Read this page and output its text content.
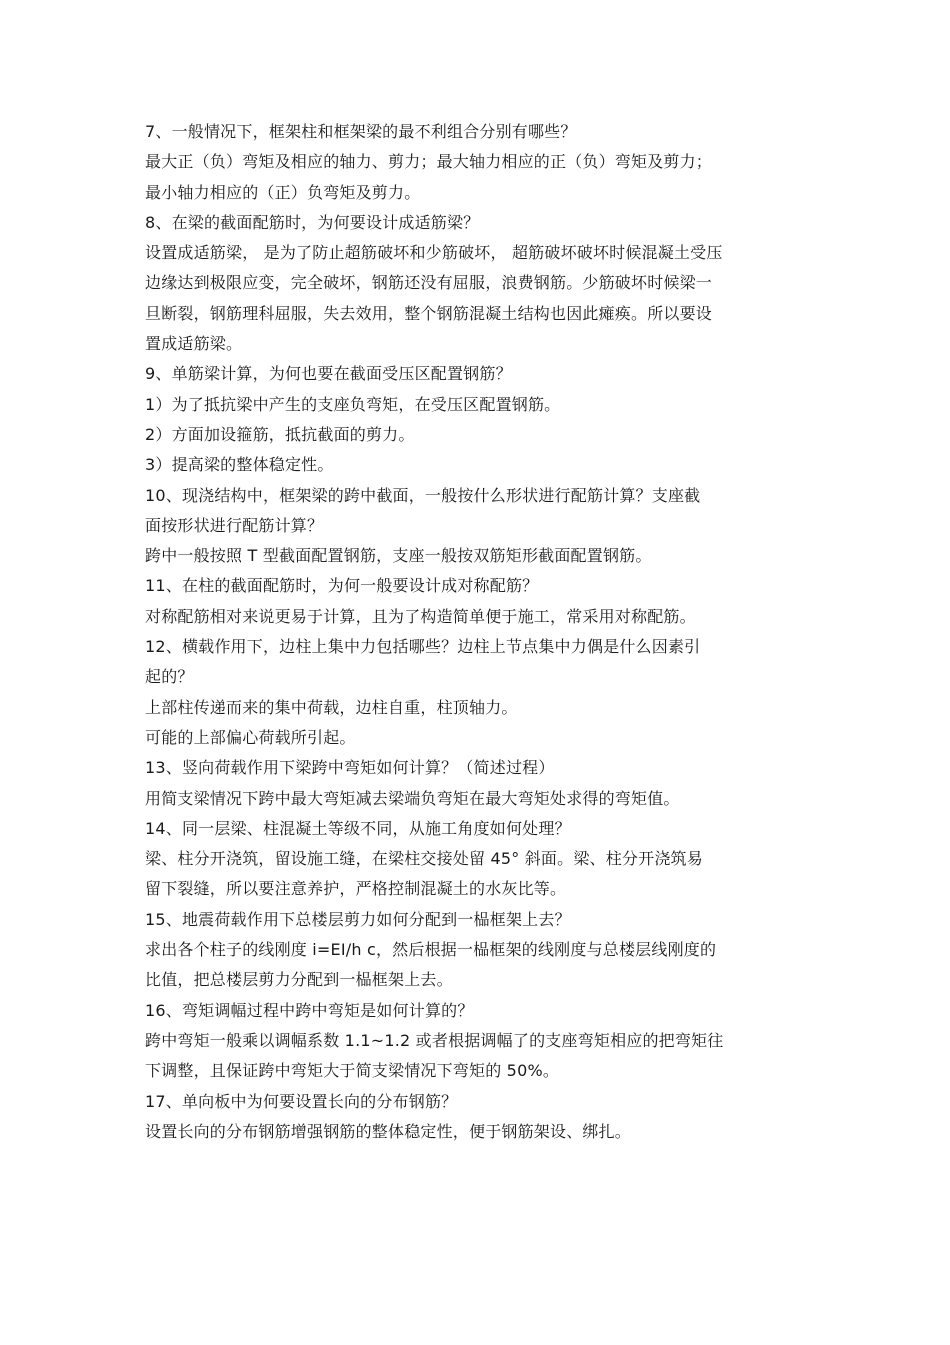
7、一般情况下，框架柱和框架梁的最不利组合分别有哪些？
最大正（负）弯矩及相应的轴力、剪力；最大轴力相应的正（负）弯矩及剪力；
最小轴力相应的（正）负弯矩及剪力。
8、在梁的截面配筋时，为何要设计成适筋梁？
设置成适筋梁， 是为了防止超筋破坏和少筋破坏， 超筋破坏破坏时候混凝土受压
边缘达到极限应变，完全破坏，钢筋还没有屈服，浪费钢筋。少筋破坏时候梁一
旦断裂，钢筋理科屈服，失去效用，整个钢筋混凝土结构也因此瘫痪。所以要设
置成适筋梁。
9、单筋梁计算，为何也要在截面受压区配置钢筋？
1）为了抵抗梁中产生的支座负弯矩，在受压区配置钢筋。
2）方面加设箍筋，抵抗截面的剪力。
3）提高梁的整体稳定性。
10、现浇结构中，框架梁的跨中截面，一般按什么形状进行配筋计算？支座截
面按形状进行配筋计算？
跨中一般按照 T 型截面配置钢筋，支座一般按双筋矩形截面配置钢筋。
11、在柱的截面配筋时，为何一般要设计成对称配筋？
对称配筋相对来说更易于计算，且为了构造简单便于施工，常采用对称配筋。
12、横载作用下，边柱上集中力包括哪些？边柱上节点集中力偶是什么因素引
起的？
上部柱传递而来的集中荷载，边柱自重，柱顶轴力。
可能的上部偏心荷载所引起。
13、竖向荷载作用下梁跨中弯矩如何计算？（简述过程）
用简支梁情况下跨中最大弯矩减去梁端负弯矩在最大弯矩处求得的弯矩值。
14、同一层梁、柱混凝土等级不同，从施工角度如何处理？
梁、柱分开浇筑，留设施工缝，在梁柱交接处留 45° 斜面。梁、柱分开浇筑易
留下裂缝，所以要注意养护，严格控制混凝土的水灰比等。
15、地震荷载作用下总楼层剪力如何分配到一榀框架上去？
求出各个柱子的线刚度 i=EI/h c，然后根据一榀框架的线刚度与总楼层线刚度的
比值，把总楼层剪力分配到一榀框架上去。
16、弯矩调幅过程中跨中弯矩是如何计算的？
跨中弯矩一般乘以调幅系数 1.1~1.2 或者根据调幅了的支座弯矩相应的把弯矩往
下调整，且保证跨中弯矩大于简支梁情况下弯矩的 50%。
17、单向板中为何要设置长向的分布钢筋？
设置长向的分布钢筋增强钢筋的整体稳定性，便于钢筋架设、绑扎。
